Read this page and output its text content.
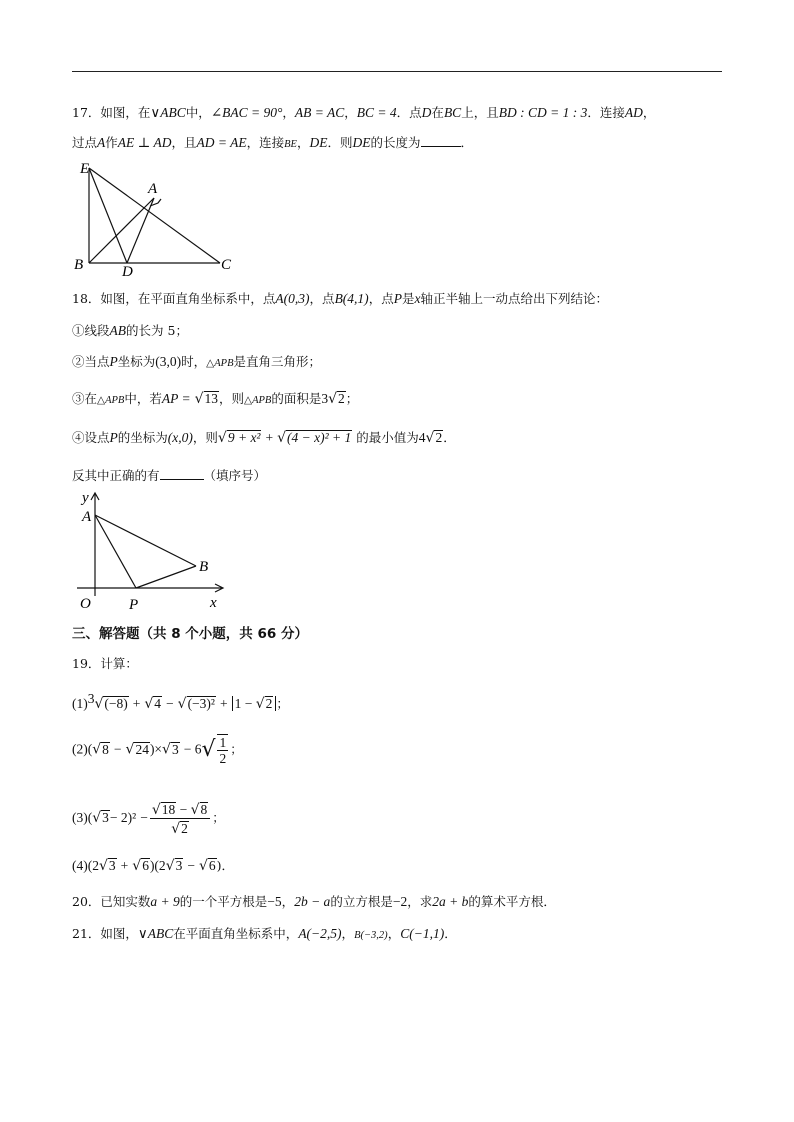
17．如图，在∨ABC中，∠BAC = 90°，AB = AC，BC = 4．点D在BC上，且BD : CD = 1 : 3．连接AD，
过点A作AE ⊥ AD，且AD = AE，连接BE，DE．则DE的长度为	．
E
A
B	D	C
18．如图，在平面直角坐标系中，点A(0,3)，点B(4,1)，点P是x轴正半轴上一动点给出下列结论：
①线段AB的长为 5；
②当点P坐标为(3,0)时，△APB是直角三角形；
③在△APB中，若AP = √13，则△APB的面积是3√2；
④设点P的坐标为(x,0)，则√9 + x² + √(4 − x)² + 1 的最小值为4√2．
反其中正确的有	（填序号）
y
A
B
O	P	x
三、解答题（共 8 个小题，共 66 分）
19．计算：
$(1)^3√(-8) + √4 - √(-3)^2 + 1 - √2$ ；
$(2)(√8 - √24)\times√3 - 6√ \frac{1}{2}$ ；
$(3)(√3- 2)^2 - \frac{√18 - √8}{√2}$ ；
(4)(2√3 + √6)(2√3 − √6)．
20．已知实数a + 9的一个平方根是−5，2b − a的立方根是−2，求2a + b的算术平方根．
21．如图，∨ABC在平面直角坐标系中，A(−2,5)，B(−3,2)，C(−1,1)．
